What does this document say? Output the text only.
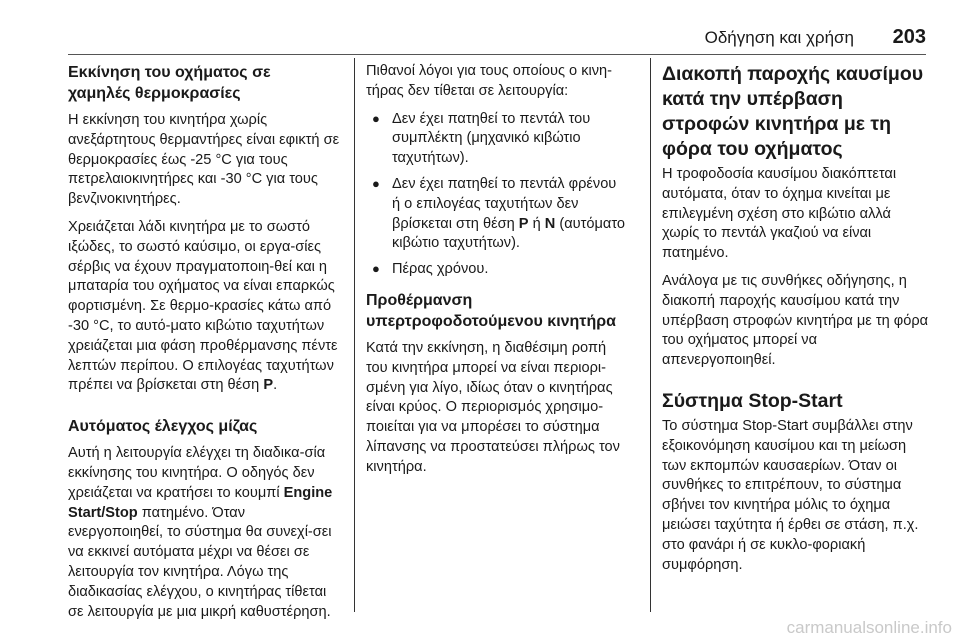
Οδήγηση και χρήση 203
Εκκίνηση του οχήματος σε
χαμηλές θερμοκρασίες

Η εκκίνηση του κινητήρα χωρίς ανεξάρτητους θερμαντήρες είναι εφικτή σε θερμοκρασίες έως -25 °C για τους πετρελαιοκινητήρες και -30 °C για τους βενζινοκινητήρες.

Χρειάζεται λάδι κινητήρα με το σωστό ιξώδες, το σωστό καύσιμο, οι εργα-σίες σέρβις να έχουν πραγματοποιη-θεί και η μπαταρία του οχήματος να είναι επαρκώς φορτισμένη. Σε θερμο-κρασίες κάτω από -30 °C, το αυτό-ματο κιβώτιο ταχυτήτων χρειάζεται μια φάση προθέρμανσης πέντε λεπτών περίπου. Ο επιλογέας ταχυτήτων πρέπει να βρίσκεται στη θέση P.

Αυτόματος έλεγχος μίζας

Αυτή η λειτουργία ελέγχει τη διαδικα-σία εκκίνησης του κινητήρα. Ο οδηγός δεν χρειάζεται να κρατήσει το κουμπί Engine Start/Stop πατημένο. Όταν ενεργοποιηθεί, το σύστημα θα συνεχί-σει να εκκινεί αυτόματα μέχρι να θέσει σε λειτουργία τον κινητήρα. Λόγω της διαδικασίας ελέγχου, ο κινητήρας τίθεται σε λειτουργία με μια μικρή καθυστέρηση.

Πιθανοί λόγοι για τους οποίους ο κινη-τήρας δεν τίθεται σε λειτουργία:

● Δεν έχει πατηθεί το πεντάλ του συμπλέκτη (μηχανικό κιβώτιο ταχυτήτων).
● Δεν έχει πατηθεί το πεντάλ φρένου ή ο επιλογέας ταχυτήτων δεν βρίσκεται στη θέση P ή N (αυτόματο κιβώτιο ταχυτήτων).
● Πέρας χρόνου.
Προθέρμανση
υπερτροφοδοτούμενου κινητήρα

Κατά την εκκίνηση, η διαθέσιμη ροπή του κινητήρα μπορεί να είναι περιορι-σμένη για λίγο, ιδίως όταν ο κινητήρας είναι κρύος. Ο περιορισμός χρησιμο-ποιείται για να μπορέσει το σύστημα λίπανσης να προστατεύσει πλήρως τον κινητήρα.

Διακοπή παροχής καυσίμου κατά την υπέρβαση στροφών κινητήρα με τη φόρα του οχήματος

Η τροφοδοσία καυσίμου διακόπτεται αυτόματα, όταν το όχημα κινείται με επιλεγμένη σχέση στο κιβώτιο αλλά χωρίς το πεντάλ γκαζιού να είναι πατημένο.

Ανάλογα με τις συνθήκες οδήγησης, η διακοπή παροχής καυσίμου κατά την υπέρβαση στροφών κινητήρα με τη φόρα του οχήματος μπορεί να απενεργοποιηθεί.

Σύστημα Stop-Start

Το σύστημα Stop-Start συμβάλλει στην εξοικονόμηση καυσίμου και τη μείωση των εκπομπών καυσαερίων. Όταν οι συνθήκες το επιτρέπουν, το σύστημα σβήνει τον κινητήρα μόλις το όχημα μειώσει ταχύτητα ή έρθει σε στάση, π.χ. στο φανάρι ή σε κυκλο-φοριακή συμφόρηση.

carmanualsonline.info
